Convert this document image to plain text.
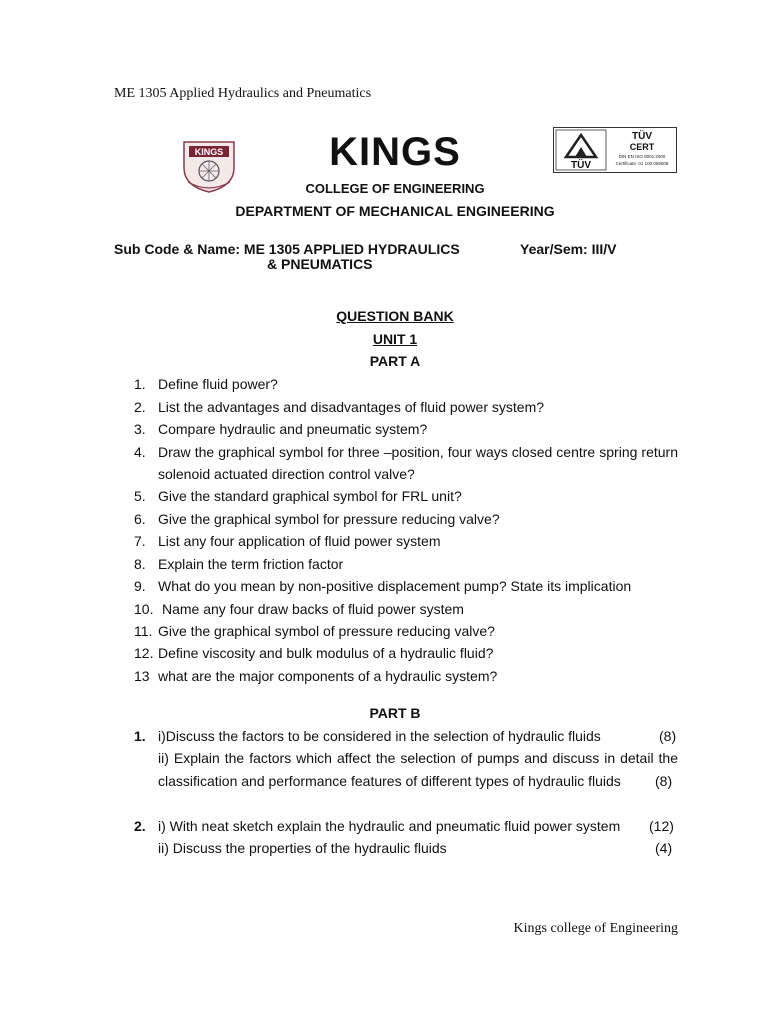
ME 1305 Applied Hydraulics and Pneumatics
KINGS	KINGS
COLLEGE OF ENGINEERING
TÜV
TÜV
CERT
DIN EN ISO 9001:2000
Certificate: 01 100 059008
DEPARTMENT OF MECHANICAL ENGINEERING
Sub Code & Name: ME 1305 APPLIED HYDRAULICS
& PNEUMATICS
Year/Sem: III/V
QUESTION BANK
UNIT 1
PART A
1. Define fluid power?
2. List the advantages and disadvantages of fluid power system?
3. Compare hydraulic and pneumatic system?
4. Draw the graphical symbol for three –position, four ways closed centre spring return
solenoid actuated direction control valve?
5. Give the standard graphical symbol for FRL unit?
6. Give the graphical symbol for pressure reducing valve?
7. List any four application of fluid power system
8. Explain the term friction factor
9. What do you mean by non-positive displacement pump? State its implication
10. Name any four draw backs of fluid power system
11. Give the graphical symbol of pressure reducing valve?
12. Define viscosity and bulk modulus of a hydraulic fluid?
13 what are the major components of a hydraulic system?
PART B
1. i)Discuss the factors to be considered in the selection of hydraulic fluids	(8)
ii) Explain the factors which affect the selection of pumps and discuss in detail the
classification and performance features of different types of hydraulic fluids (8)
2. i) With neat sketch explain the hydraulic and pneumatic fluid power system (12)
ii) Discuss the properties of the hydraulic fluids	(4)
Kings college of Engineering
